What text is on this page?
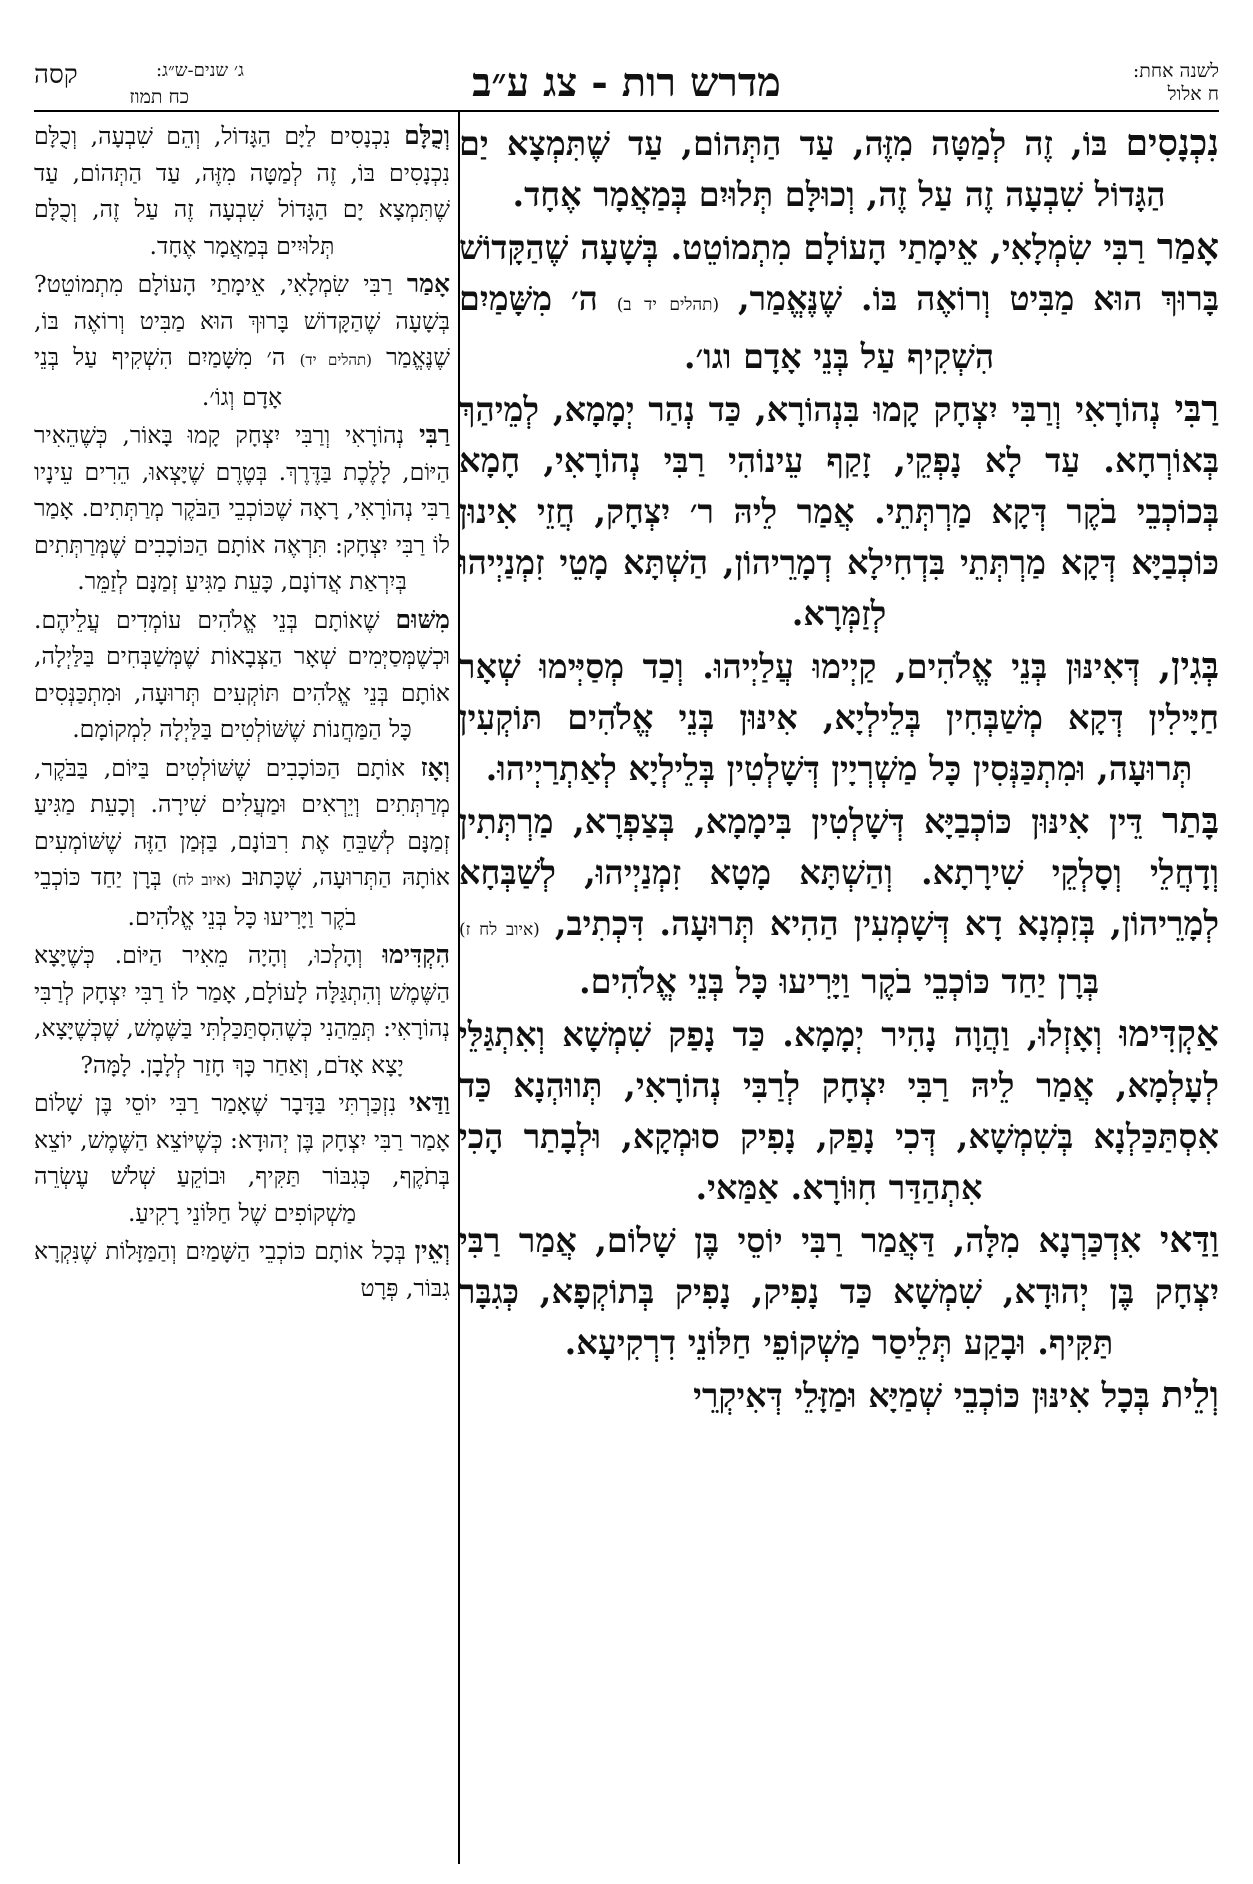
לשנה אחת:
ח אלול
מדרש רות - צג ע״ב
ג׳ שנים-ש״ג:
קסה
כח תמוז

נִכְנָסִים בּוֹ, זֶה לְמַטָּה מִזֶּה, עַד הַתְּהוֹם, עַד שֶׁתִּמְצָא יַם הַגָּדוֹל שִׁבְעָה זֶה עַל זֶה, וְכוּלָּם תְּלוּיִם בְּמַאֲמָר אֶחָד.

אָמַר רַבִּי שִׂמְלָאִי, אֵימָתַי הָעוֹלָם מִתְמוֹטֵט. בְּשָׁעָה שֶׁהַקָּדוֹשׁ בָּרוּךְ הוּא מַבִּיט וְרוֹאֶה בּוֹ. שֶׁנֶּאֱמַר, (תהלים יד ב) ה׳ מִשָּׁמַיִם הִשְׁקִיף עַל בְּנֵי אָדָם וגו׳.

רַבִּי נְהוֹרָאִי וְרַבִּי יִצְחָק קָמוּ בִּנְהוֹרָא, כַּד נְהַר יְמָמָא, לְמֵיהַךְ בְּאוֹרְחָא. עַד לָא נָפְקֵי, זָקַף עֵינוֹהִי רַבִּי נְהוֹרָאִי, חָמָא בְּכוֹכְבֵי בֹקֶר דְּקָא מַרְתְּתֵי. אֲמַר לֵיהּ ר׳ יִצְחָק, חֲזֵי אִינוּן כּוֹכְבַיָּא דְּקָא מַרְתְּתֵי בִּדְחִילָא דְמָרֵיהוֹן, הַשְׁתָּא מָטֵי זִמְנַיְיהוּ לְזַמְּרָא.

בְּגִין, דְּאִינּוּן בְּנֵי אֱלֹהִים, קַיְימוּ עֲלַיְיהוּ. וְכַד מְסַיְּימוּ שְׁאָר חַיָּילִין דְּקָא מְשַׁבְּחִין בְּלֵילְיָא, אִינּוּן בְּנֵי אֱלֹהִים תּוֹקְעִין תְּרוּעָה, וּמִתְכַּנְּסִין כָּל מַשְׁרְיָין דְּשָׁלְטִין בְּלֵילְיָא לְאַתְרַיְיהוּ.

בָּתַר דֵּין אִינּוּן כּוֹכְבַיָּא דְּשָׁלְטִין בִּימָמָא, בְּצַפְרָא, מַרְתְּתִין וְדָחֲלֵי וְסָלְקֵי שִׁירָתָא. וְהַשְׁתָּא מָטָא זִמְנַיְיהוּ, לְשַׁבְּחָא לְמָרֵיהוֹן, בְּזִמְנָא דָא דְּשָׁמְעִין הַהִיא תְּרוּעָה. דִּכְתִיב, (איוב לח ז) בְּרָן יַחַד כּוֹכְבֵי בֹקֶר וַיָּרִיעוּ כָּל בְּנֵי אֱלֹהִים.

אַקְדִּימוּ וְאָזְלוּ, וַהֲוָה נָהִיר יְמָמָא. כַּד נָפַק שִׁמְשָׁא וְאִתְגַּלֵּי לְעָלְמָא, אֲמַר לֵיהּ רַבִּי יִצְחָק לְרַבִּי נְהוֹרָאִי, תְּווּהְנָא כַּד אִסְתַּכַּלְנָא בְּשִׁמְשָׁא, דְּכִי נָפַק, נָפִיק סוּמְקָא, וּלְבָתַר הָכִי אִתְהַדַּר חִוּוֹרָא. אַמַּאי.

וַדַּאי אִדְכַּרְנָא מִלָּה, דַּאֲמַר רַבִּי יוֹסֵי בֶּן שָׁלוֹם, אֲמַר רַבִּי יִצְחָק בֶּן יְהוּדָא, שִׁמְשָׁא כַּד נָפִיק, נָפִיק בְּתוֹקְפָא, כְּגִבָּר תַּקִּיף. וּבָקַע תְּלֵיסַר מַשְׁקוֹפֵי חַלּוֹנֵי דִרְקִיעָא.

וְלֵית בְּכָל אִינּוּן כּוֹכְבֵי שְׁמַיָּא וּמַזָּלֵי דְּאִיקְרֵי

וְכֻלָּם נִכְנָסִים לַיָּם הַגָּדוֹל, וְהֵם שִׁבְעָה, וְכֻלָּם נִכְנָסִים בּוֹ, זֶה לְמַטָּה מִזֶּה, עַד הַתְּהוֹם, עַד שֶׁתִּמְצָא יָם הַגָּדוֹל שִׁבְעָה זֶה עַל זֶה, וְכֻלָּם תְּלוּיִים בְּמַאֲמָר אֶחָד.

אָמַר רַבִּי שִׂמְלָאִי, אֵימָתַי הָעוֹלָם מִתְמוֹטֵט? בְּשָׁעָה שֶׁהַקָּדוֹשׁ בָּרוּךְ הוּא מַבִּיט וְרוֹאֶה בּוֹ, שֶׁנֶּאֱמַר (תהלים יד) ה׳ מִשָּׁמַיִם הִשְׁקִיף עַל בְּנֵי אָדָם וְגוֹ׳.

רַבִּי נְהוֹרָאִי וְרַבִּי יִצְחָק קָמוּ בָּאוֹר, כְּשֶׁהֵאִיר הַיּוֹם, לָלֶכֶת בַּדֶּרֶךְ. בְּטֶרֶם שֶׁיָּצְאוּ, הֵרִים עֵינָיו רַבִּי נְהוֹרָאִי, רָאָה שֶׁכּוֹכְבֵי הַבֹּקֶר מְרַתְּתִים. אָמַר לוֹ רַבִּי יִצְחָק: תִּרְאֶה אוֹתָם הַכּוֹכָבִים שֶׁמְּרַתְּתִים בְּיִרְאַת אֲדוֹנָם, כָּעֵת מַגִּיעַ זְמַנָּם לְזַמֵּר.

מִשּׁוּם שֶׁאוֹתָם בְּנֵי אֱלֹהִים עוֹמְדִים עֲלֵיהֶם. וּכְשֶׁמְּסַיְּמִים שְׁאָר הַצְּבָאוֹת שֶׁמְּשַׁבְּחִים בַּלַּיְלָה, אוֹתָם בְּנֵי אֱלֹהִים תּוֹקְעִים תְּרוּעָה, וּמִתְכַּנְּסִים כָּל הַמַּחֲנוֹת שֶׁשּׁוֹלְטִים בַּלַּיְלָה לִמְקוֹמָם.

וְאָז אוֹתָם הַכּוֹכָבִים שֶׁשּׁוֹלְטִים בַּיּוֹם, בַּבֹּקֶר, מְרַתְּתִים וְיֵרְאִים וּמַעֲלִים שִׁירָה. וְכָעֵת מַגִּיעַ זְמַנָּם לְשַׁבֵּחַ אֶת רִבּוֹנָם, בַּזְּמַן הַזֶּה שֶׁשּׁוֹמְעִים אוֹתָהּ הַתְּרוּעָה, שֶׁכָּתוּב (איוב לח) בְּרָן יַחַד כּוֹכְבֵי בֹקֶר וַיָּרִיעוּ כָּל בְּנֵי אֱלֹהִים.

הִקְדִּימוּ וְהָלְכוּ, וְהָיָה מֵאִיר הַיּוֹם. כְּשֶׁיָּצָא הַשֶּׁמֶשׁ וְהִתְגַּלָּה לָעוֹלָם, אָמַר לוֹ רַבִּי יִצְחָק לְרַבִּי נְהוֹרָאִי: תְּמֵהַנִי כְּשֶׁהִסְתַּכַּלְתִּי בַּשֶּׁמֶשׁ, שֶׁכְּשֶׁיָּצָא, יָצָא אָדֹם, וְאַחַר כָּךְ חָזַר לְלָבָן. לָמָּה?

וַדַּאי נִזְכַּרְתִּי בַּדָּבָר שֶׁאָמַר רַבִּי יוֹסֵי בֶּן שָׁלוֹם אָמַר רַבִּי יִצְחָק בֶּן יְהוּדָא: כְּשֶׁיּוֹצֵא הַשֶּׁמֶשׁ, יוֹצֵא בְּתֹקֶף, כְּגִבּוֹר תַּקִּיף, וּבוֹקֵעַ שְׁלֹשׁ עֶשְׂרֵה מַשְׁקוֹפִים שֶׁל חַלּוֹנֵי רָקִיעַ.

וְאֵין בְּכָל אוֹתָם כּוֹכְבֵי הַשָּׁמַיִם וְהַמַּזָּלוֹת שֶׁנִּקְרָא גִבּוֹר, פְּרָט
